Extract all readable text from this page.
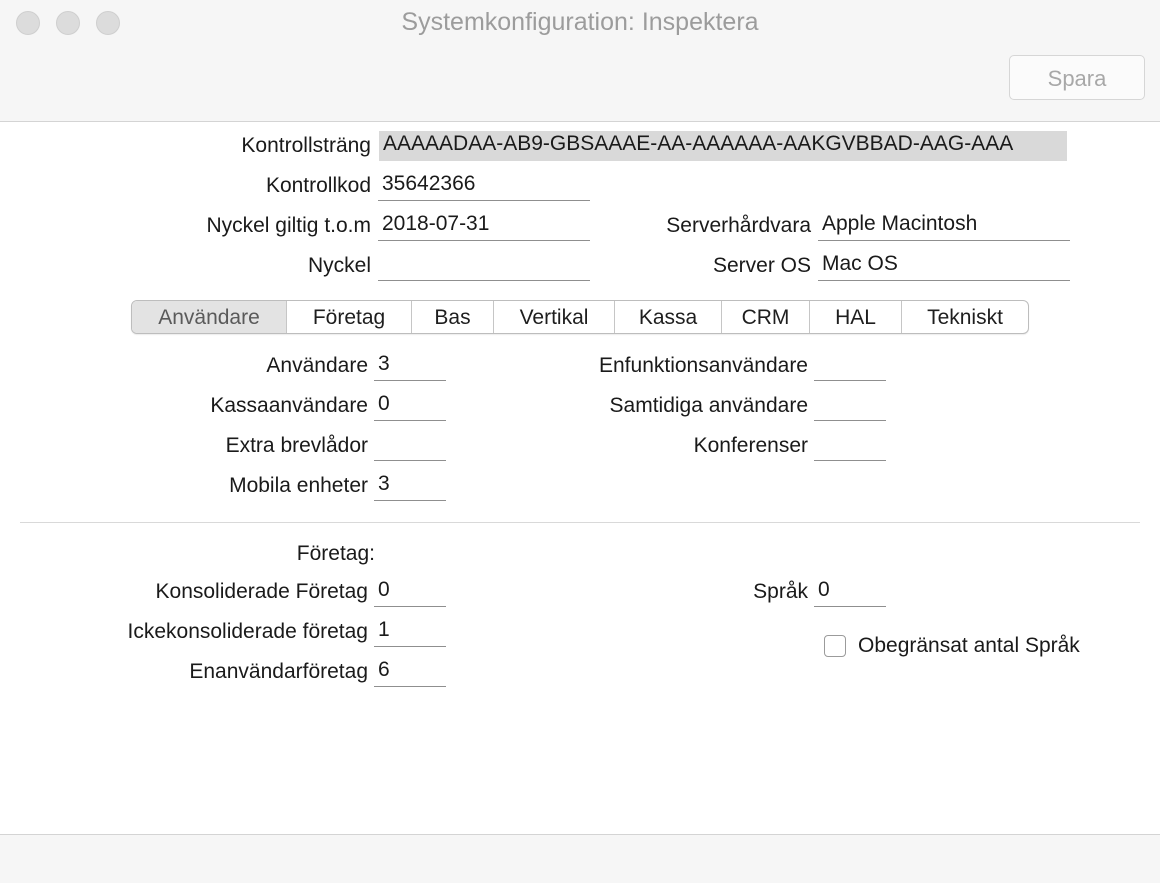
Systemkonfiguration: Inspektera
Spara
Kontrollsträng AAAAADAA-AB9-GBSAAAE-AA-AAAAAA-AAKGVBBAD-AAG-AAA
Kontrollkod 35642366
Nyckel giltig t.o.m 2018-07-31
Nyckel
Serverhårdvara Apple Macintosh
Server OS Mac OS
Användare	Företag	Bas	Vertikal	Kassa	CRM	HAL	Tekniskt
Användare 3
Kassaanvändare 0
Extra brevlådor
Mobila enheter 3
Enfunktionsanvändare
Samtidiga användare
Konferenser
Företag:
Konsoliderade Företag 0
Ickekonsoliderade företag 1
Enanvändarföretag 6
Språk 0
Obegränsat antal Språk
